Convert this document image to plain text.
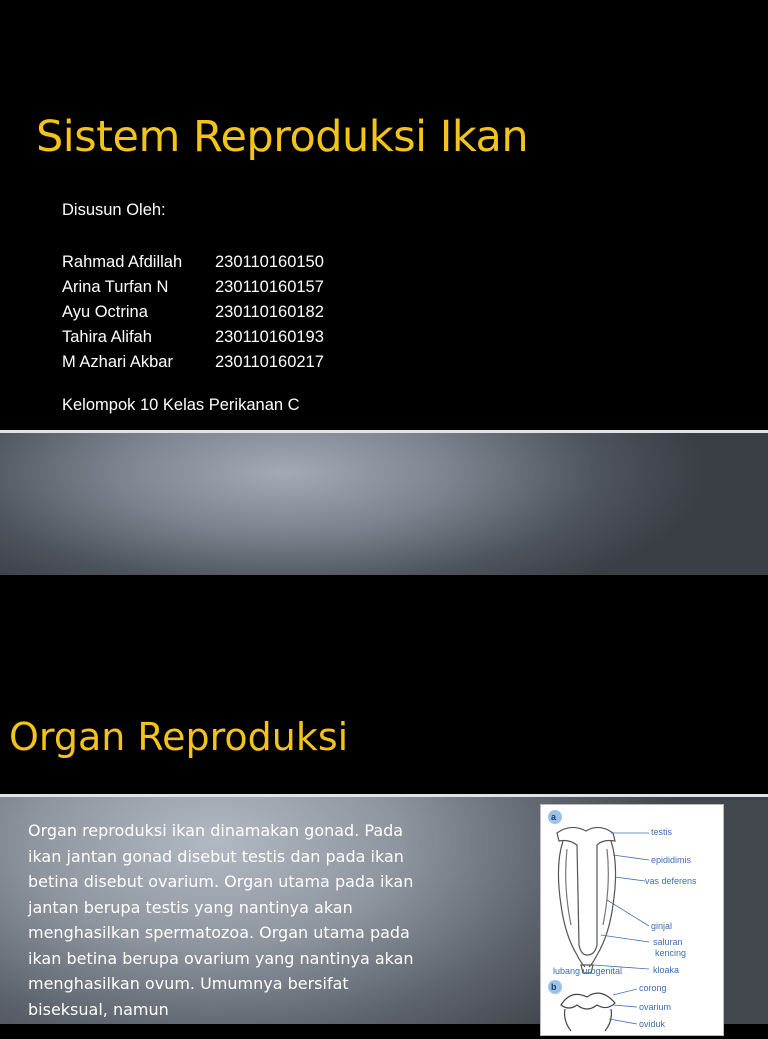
Sistem Reproduksi Ikan
Disusun Oleh:
Rahmad Afdillah	230110160150
Arina Turfan N	230110160157
Ayu Octrina	230110160182
Tahira Alifah	230110160193
M Azhari Akbar	230110160217
Kelompok 10 Kelas Perikanan C
Organ Reproduksi
Organ reproduksi ikan dinamakan gonad. Pada ikan jantan gonad disebut testis dan pada ikan betina disebut ovarium. Organ utama pada ikan jantan berupa testis yang nantinya akan menghasilkan spermatozoa. Organ utama pada ikan betina berupa ovarium yang nantinya akan menghasilkan ovum. Umumnya bersifat biseksual, namun
a
b
testis
epididimis
vas deferens
ginjal
saluran
kencing
lubang urogenital	kloaka
corong
ovarium
oviduk
